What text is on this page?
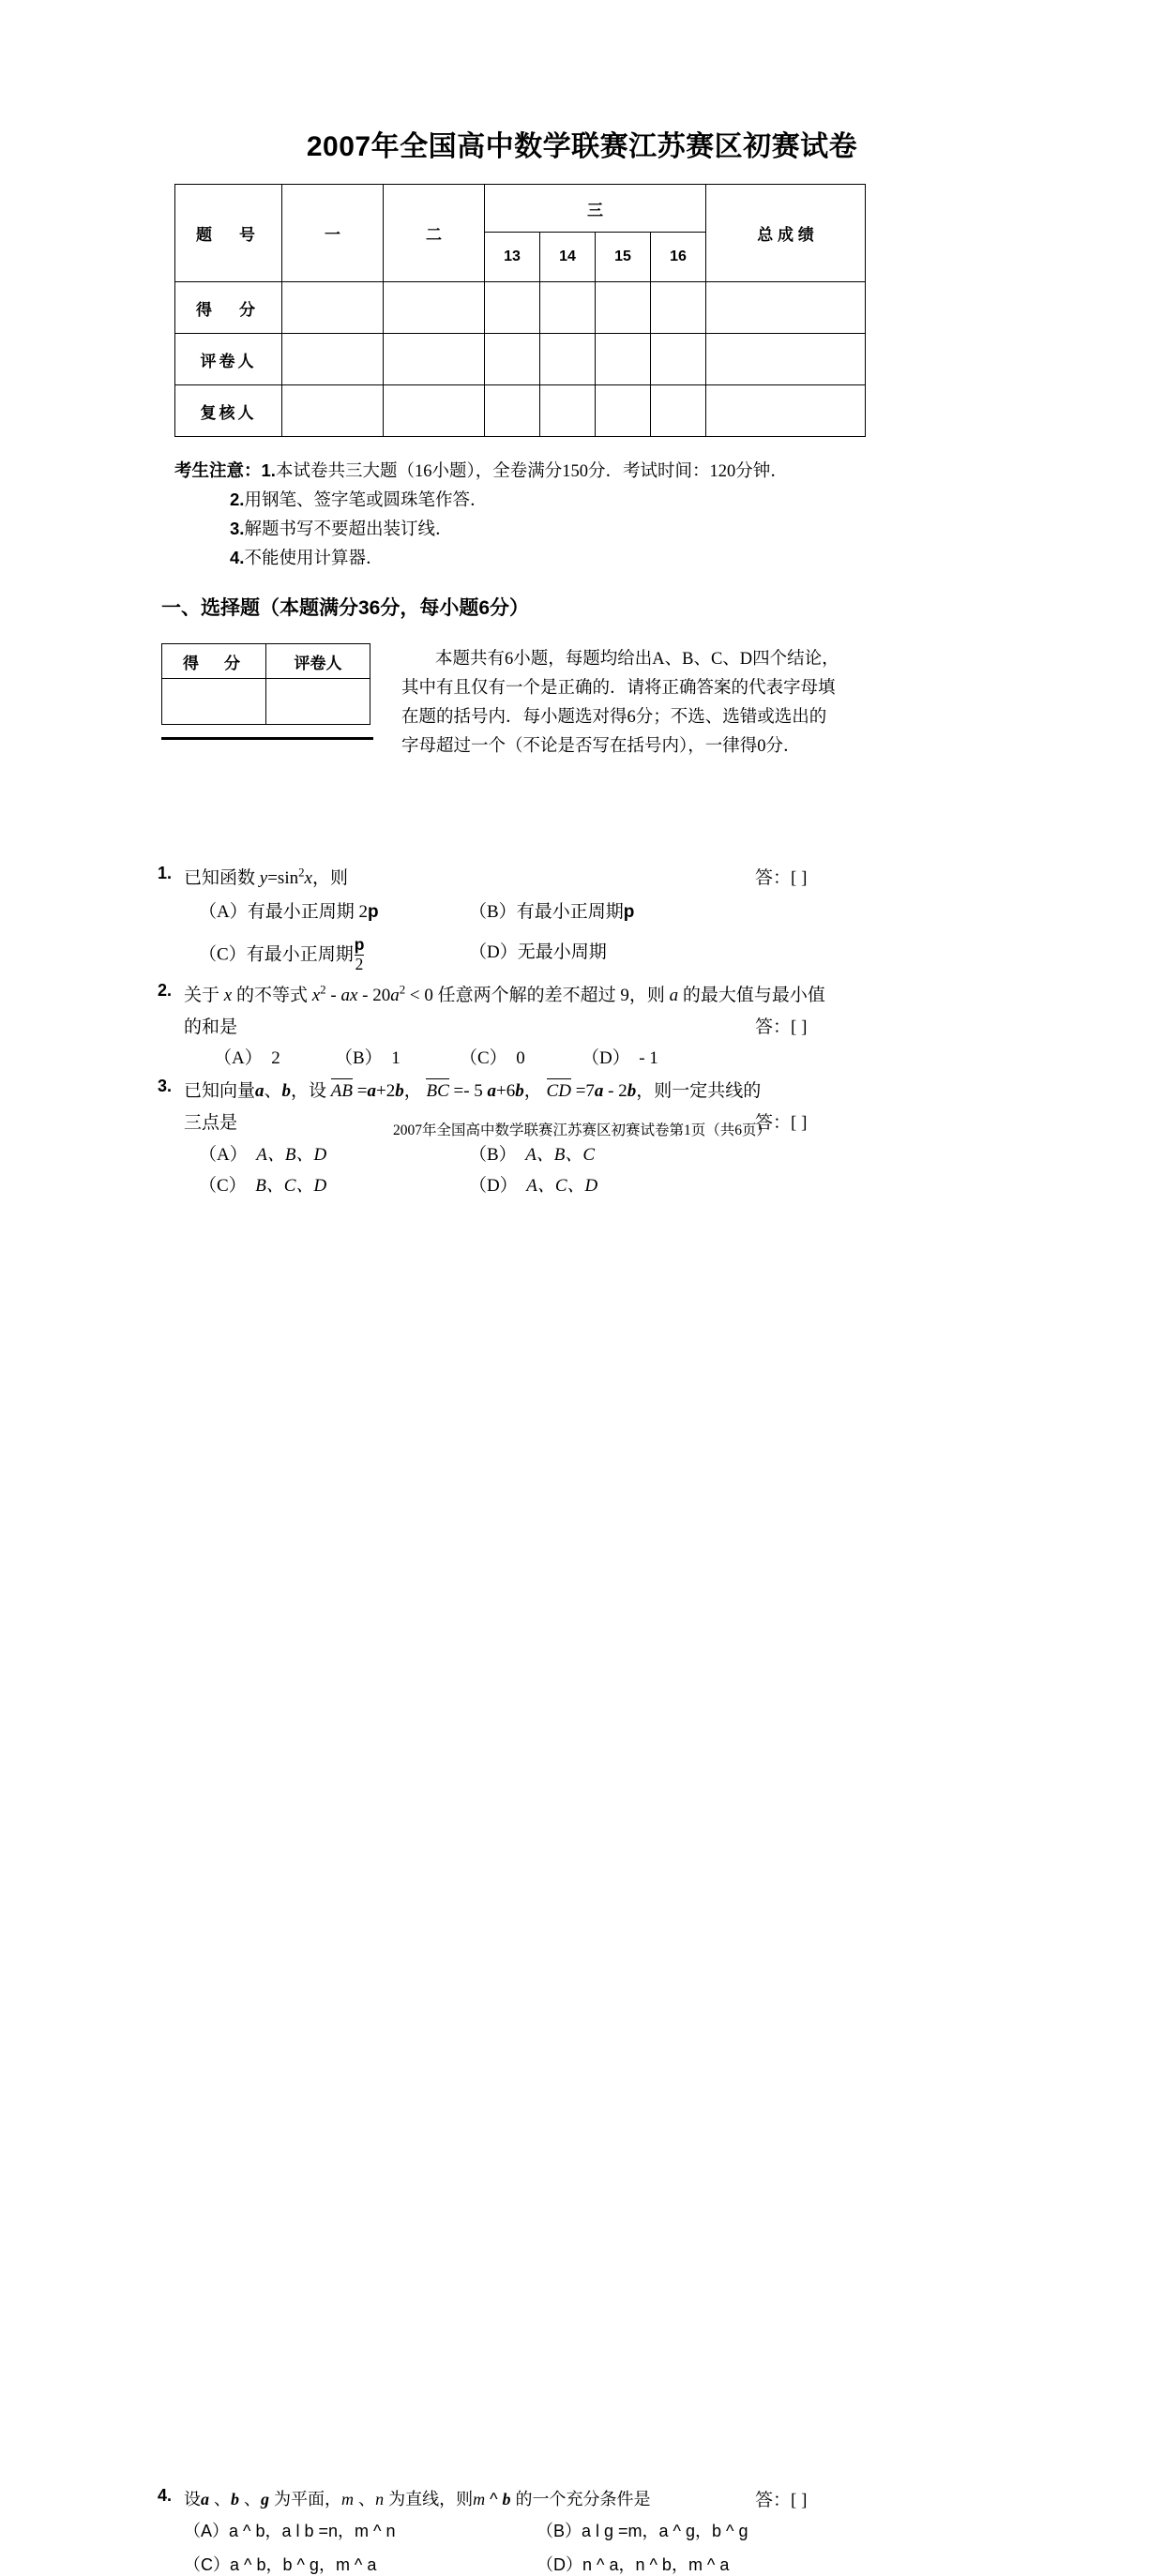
2007年全国高中数学联赛江苏赛区初赛试卷
题　号	一	二	三				总 成 绩
			13	14	15	16	
得　分							
评卷人							
复核人							
考生注意：1.本试卷共三大题（16小题），全卷满分150分．考试时间：120分钟．
2.用钢笔、签字笔或圆珠笔作答．
3.解题书写不要超出装订线．
4.不能使用计算器．
一、选择题（本题满分36分，每小题6分）
得　分	评卷人
		本题共有6小题，每题均给出A、B、C、D四个结论，

其中有且仅有一个是正确的．请将正确答案的代表字母填

在题的括号内．每小题选对得6分；不选、选错或选出的

字母超过一个（不论是否写在括号内），一律得0分．

1. 已知函数 $y=\sin^2x$，则	答：[ ]
（A）有最小正周期 2p	（B）有最小正周期p
（C）有最小正周期 $\frac{p}{2}$	（D）无最小周期
2. 关于 x 的不等式 $x^2$ - ax - $20a^2 < 0$ 任意两个解的差不超过 9，则 a 的最大值与最小值
的和是	答：[ ]
（A） 2	（B） 1	（C） 0	（D） - 1
3. 已知向量a、b，设 AB =a+2b， BC =- 5 a+6b， CD =7a - 2b，则一定共线的
三点是	答：[ ]
（A） A、B、D	（B） A、B、C
（C） B、C、D	（D） A、C、D
2007年全国高中数学联赛江苏赛区初赛试卷第1页（共6页）
4. 设a 、b 、g 为平面，m 、n 为直线，则m ^ b 的一个充分条件是	答：[ ]
（A）a ^ b，a l b =n，m ^ n	（B）a l g =m，a ^ g，b ^ g
（C）a ^ b，b ^ g，m ^ a	（D）n ^ a，n ^ b，m ^ a
